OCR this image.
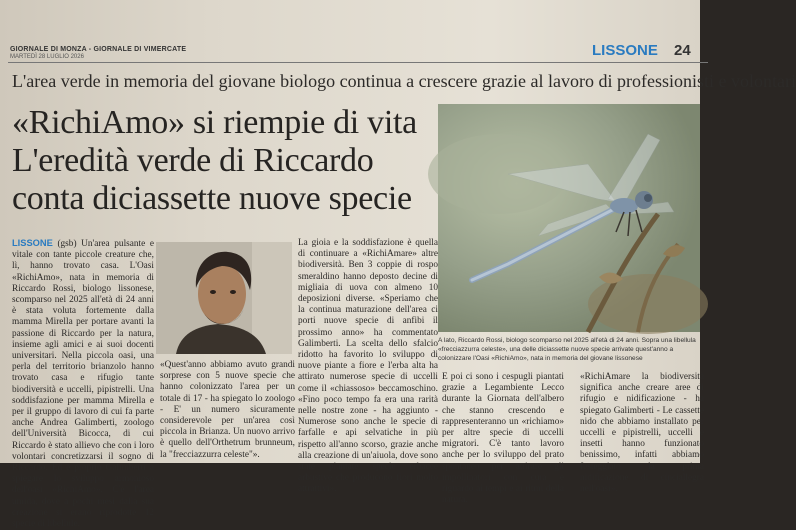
GIORNALE DI MONZA - GIORNALE DI VIMERCATE
MARTEDÌ 28 LUGLIO 2026	LISSONE 24
L'area verde in memoria del giovane biologo continua a crescere grazie al lavoro di professionisti e volontari
«RichiAmo» si riempie di vita
L'eredità verde di Riccardo
conta diciassette nuove specie
A lato, Riccardo Rossi, biologo scomparso nel 2025 all'età di 24 anni. Sopra una libellula «frecciazzurra celeste», una delle diciassette nuove specie arrivate quest'anno a colonizzare l'Oasi «RichiAmo», nata in memoria del giovane lissonese

LISSONE (gsb) Un'area pulsante e vitale con tante piccole creature che, lì, hanno trovato casa. L'Oasi «RichiAmo», nata in memoria di Riccardo Rossi, biologo lissonese, scomparso nel 2025 all'età di 24 anni è stata voluta fortemente dalla mamma Mirella per portare avanti la passione di Riccardo per la natura, insieme agli amici e ai suoi docenti universitari. Nella piccola oasi, una perla del territorio brianzolo hanno trovato casa e rifugio tante biodiversità e uccelli, pipistrelli. Una soddisfazione per mamma Mirella e per il gruppo di lavoro di cui fa parte anche Andrea Galimberti, zoologo dell'Università Bicocca, di cui Riccardo è stato allievo che con i loro volontari concretizzarsi il sogno di Riccardo. Ed è proprio Galimberti a spiegare lo sviluppo armonioso dell'oasi «RichiAmo». C'è l'area umida, dove a pochi mesi dalla sua creazione si erano riprodotte 12 specie di libellule.

«Quest'anno abbiamo avuto grandi sorprese con 5 nuove specie che hanno colonizzato l'area per un totale di 17 - ha spiegato lo zoologo - E' un numero sicuramente considerevole per un'area così piccola in Brianza. Un nuovo arrivo è quello dell'Orthetrum brunneum, la "frecciazzurra celeste"».

La gioia e la soddisfazione è quella di continuare a «RichiAmare» altre biodiversità. Ben 3 coppie di rospo smeraldino hanno deposto decine di migliaia di uova con almeno 10 deposizioni diverse. «Speriamo che la continua maturazione dell'area ci porti nuove specie di anfibi il prossimo anno» ha commentato Galimberti. La scelta dello sfalcio ridotto ha favorito lo sviluppo di nuove piante a fiore e l'erba alta ha attirato numerose specie di uccelli come il «chiassoso» beccamoschino. «Fino poco tempo fa era una rarità nelle nostre zone - ha aggiunto - Numerose sono anche le specie di farfalle e api selvatiche in più rispetto all'anno scorso, grazie anche alla creazione di un'aiuola, dove sono state piantate specie erbacee arbustive che producono fiori molto attrattivi».

E poi ci sono i cespugli piantati grazie a Legambiente Lecco durante la Giornata dell'albero che stanno crescendo e rappresenteranno un «richiamo» per altre specie di uccelli migratori. C'è tanto lavoro anche per lo sviluppo del prato spontaneo per attirare gli impollinatori con cura e riguardo ai tempi e ai ritmi della natura.

«RichiAmare la biodiversità significa anche creare aree di rifugio e nidificazione - ha spiegato Galimberti - Le cassette nido che abbiamo installato per uccelli e pipistrelli, uccelli e insetti hanno funzionato benissimo, infatti abbiamo festeggiato la prima nidificazione di cinciallegra nell'oasi».
